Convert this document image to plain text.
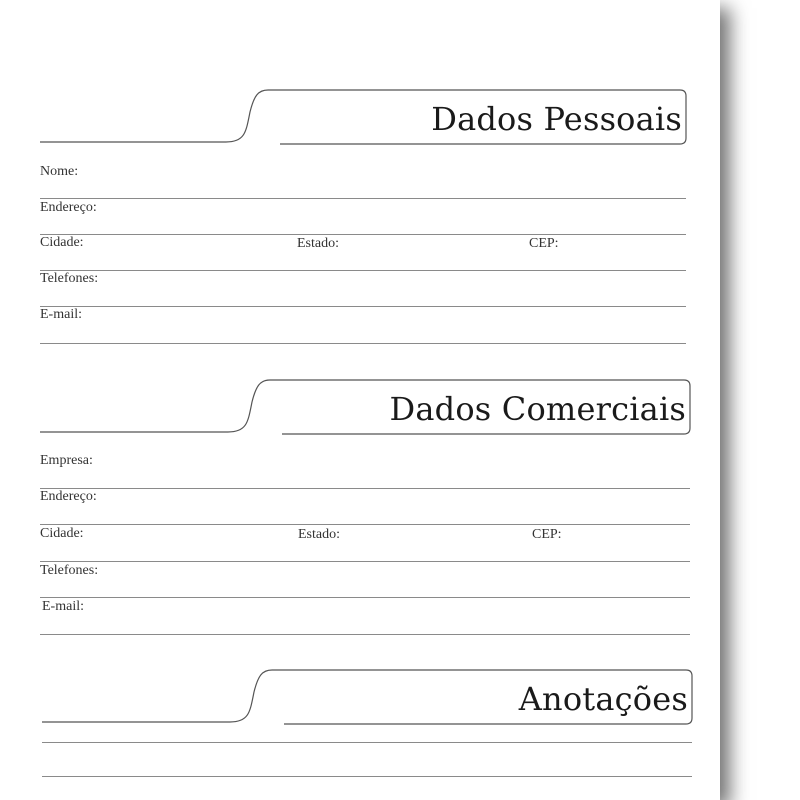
Dados Pessoais
Nome:
Endereço:
Cidade:	Estado:	CEP:
Telefones:
E-mail:
Dados Comerciais
Empresa:
Endereço:
Cidade:	Estado:	CEP:
Telefones:
E-mail:
Anotações
